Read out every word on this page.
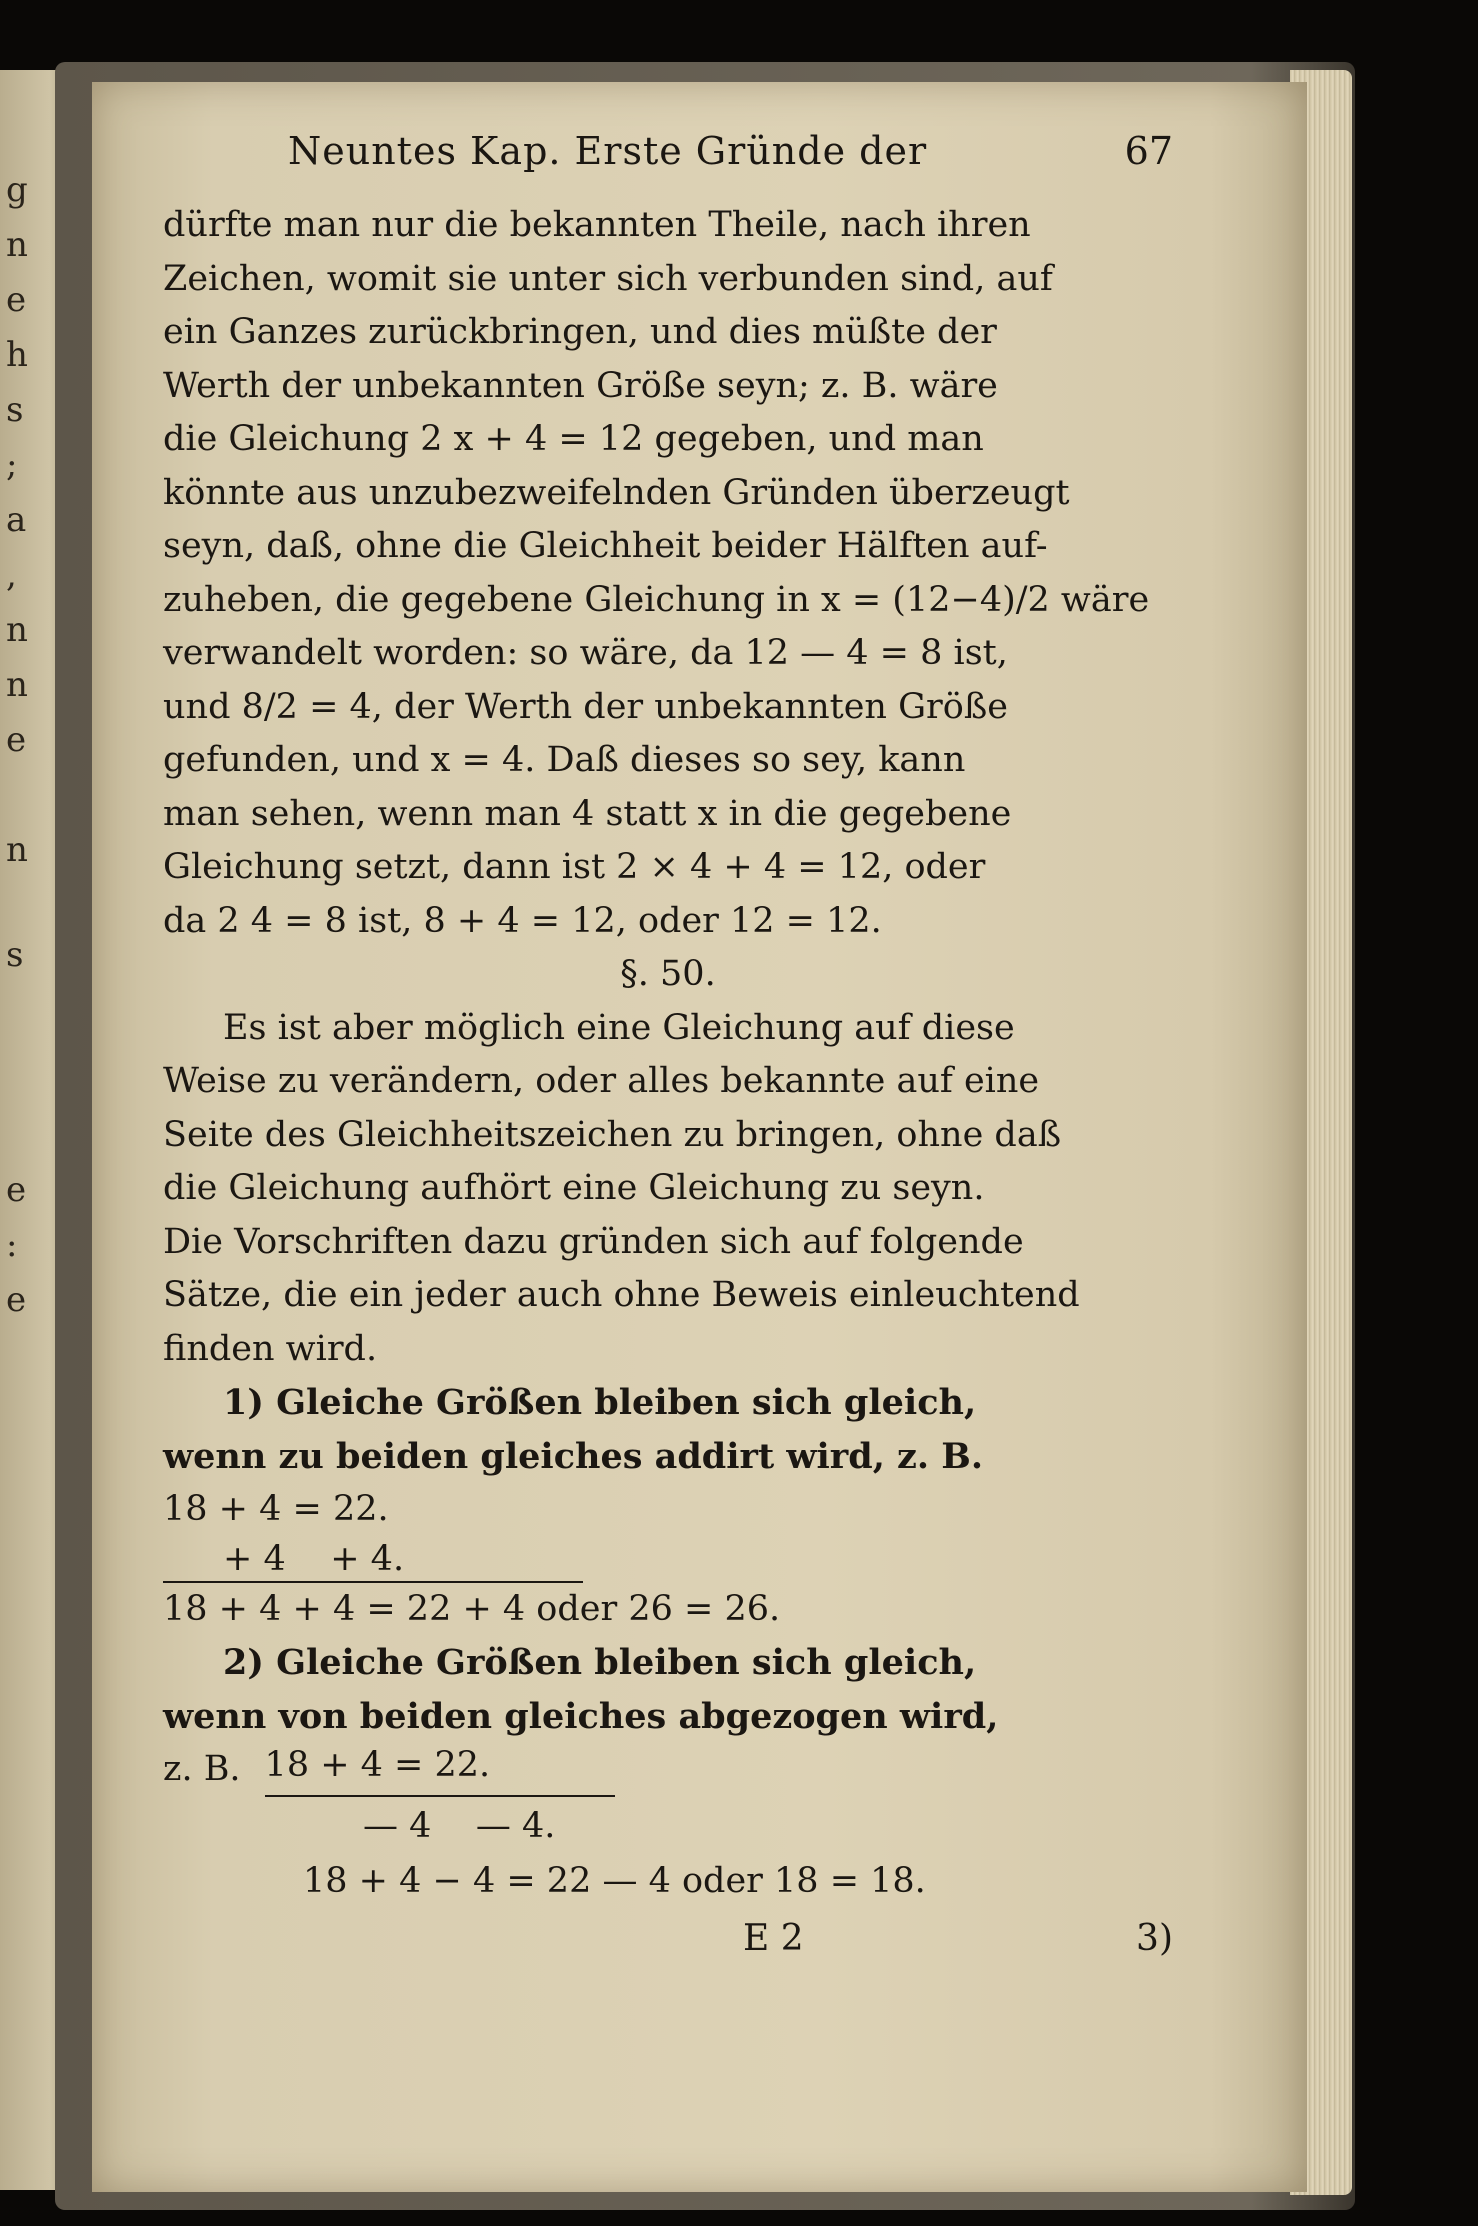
g
n
e
h
s
;
a
,
n
n
e
n
s
e
:
e
Neuntes Kap. Erste Gründe der	67
dürfte man nur die bekannten Theile, nach ihren
Zeichen, womit sie unter sich verbunden sind, auf
ein Ganzes zurückbringen, und dies müßte der
Werth der unbekannten Größe seyn; z. B. wäre
die Gleichung 2 x + 4 = 12 gegeben, und man
könnte aus unzubezweifelnden Gründen überzeugt
seyn, daß, ohne die Gleichheit beider Hälften auf-
zuheben, die gegebene Gleichung in x = (12−4)/2 wäre
verwandelt worden: so wäre, da 12 — 4 = 8 ist,
und 8/2 = 4, der Werth der unbekannten Größe
gefunden, und x = 4. Daß dieses so sey, kann
man sehen, wenn man 4 statt x in die gegebene
Gleichung setzt, dann ist 2 × 4 + 4 = 12, oder
da 2 4 = 8 ist, 8 + 4 = 12, oder 12 = 12.
§. 50.
Es ist aber möglich eine Gleichung auf diese
Weise zu verändern, oder alles bekannte auf eine
Seite des Gleichheitszeichen zu bringen, ohne daß
die Gleichung aufhört eine Gleichung zu seyn.
Die Vorschriften dazu gründen sich auf folgende
Sätze, die ein jeder auch ohne Beweis einleuchtend
finden wird.
1) Gleiche Größen bleiben sich gleich,
wenn zu beiden gleiches addirt wird, z. B.
18 + 4 = 22.
+ 4    + 4.
18 + 4 + 4 = 22 + 4 oder 26 = 26.
2) Gleiche Größen bleiben sich gleich,
wenn von beiden gleiches abgezogen wird,
z. B. 18 + 4 = 22.
— 4    — 4.
18 + 4 − 4 = 22 — 4 oder 18 = 18.
E 2	3)
